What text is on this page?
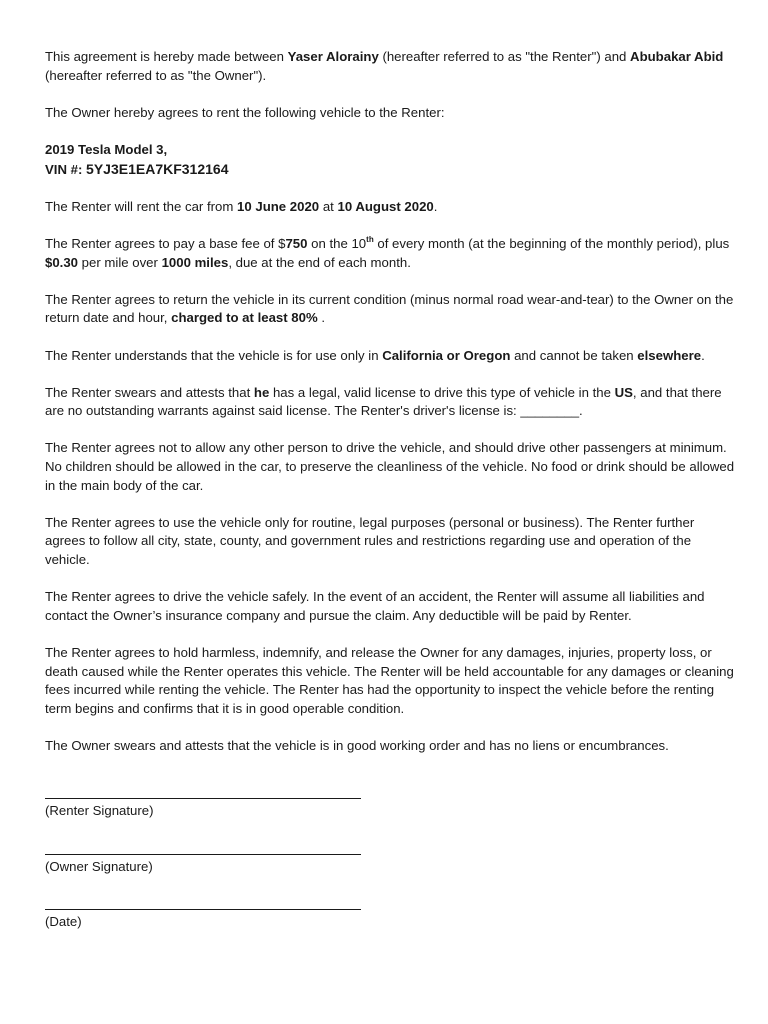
This agreement is hereby made between Yaser Alorainy (hereafter referred to as "the Renter") and Abubakar Abid (hereafter referred to as "the Owner").

The Owner hereby agrees to rent the following vehicle to the Renter:

2019 Tesla Model 3,
VIN #: 5YJ3E1EA7KF312164

The Renter will rent the car from 10 June 2020 at 10 August 2020.

The Renter agrees to pay a base fee of $750 on the 10th of every month (at the beginning of the monthly period), plus $0.30 per mile over 1000 miles, due at the end of each month.

The Renter agrees to return the vehicle in its current condition (minus normal road wear-and-tear) to the Owner on the return date and hour, charged to at least 80% .

The Renter understands that the vehicle is for use only in California or Oregon and cannot be taken elsewhere.

The Renter swears and attests that he has a legal, valid license to drive this type of vehicle in the US, and that there are no outstanding warrants against said license. The Renter's driver's license is: ________.

The Renter agrees not to allow any other person to drive the vehicle, and should drive other passengers at minimum. No children should be allowed in the car, to preserve the cleanliness of the vehicle. No food or drink should be allowed in the main body of the car.

The Renter agrees to use the vehicle only for routine, legal purposes (personal or business). The Renter further agrees to follow all city, state, county, and government rules and restrictions regarding use and operation of the vehicle.

The Renter agrees to drive the vehicle safely. In the event of an accident, the Renter will assume all liabilities and contact the Owner’s insurance company and pursue the claim. Any deductible will be paid by Renter.

The Renter agrees to hold harmless, indemnify, and release the Owner for any damages, injuries, property loss, or death caused while the Renter operates this vehicle. The Renter will be held accountable for any damages or cleaning fees incurred while renting the vehicle. The Renter has had the opportunity to inspect the vehicle before the renting term begins and confirms that it is in good operable condition.

The Owner swears and attests that the vehicle is in good working order and has no liens or encumbrances.

(Renter Signature)
(Owner Signature)
(Date)
